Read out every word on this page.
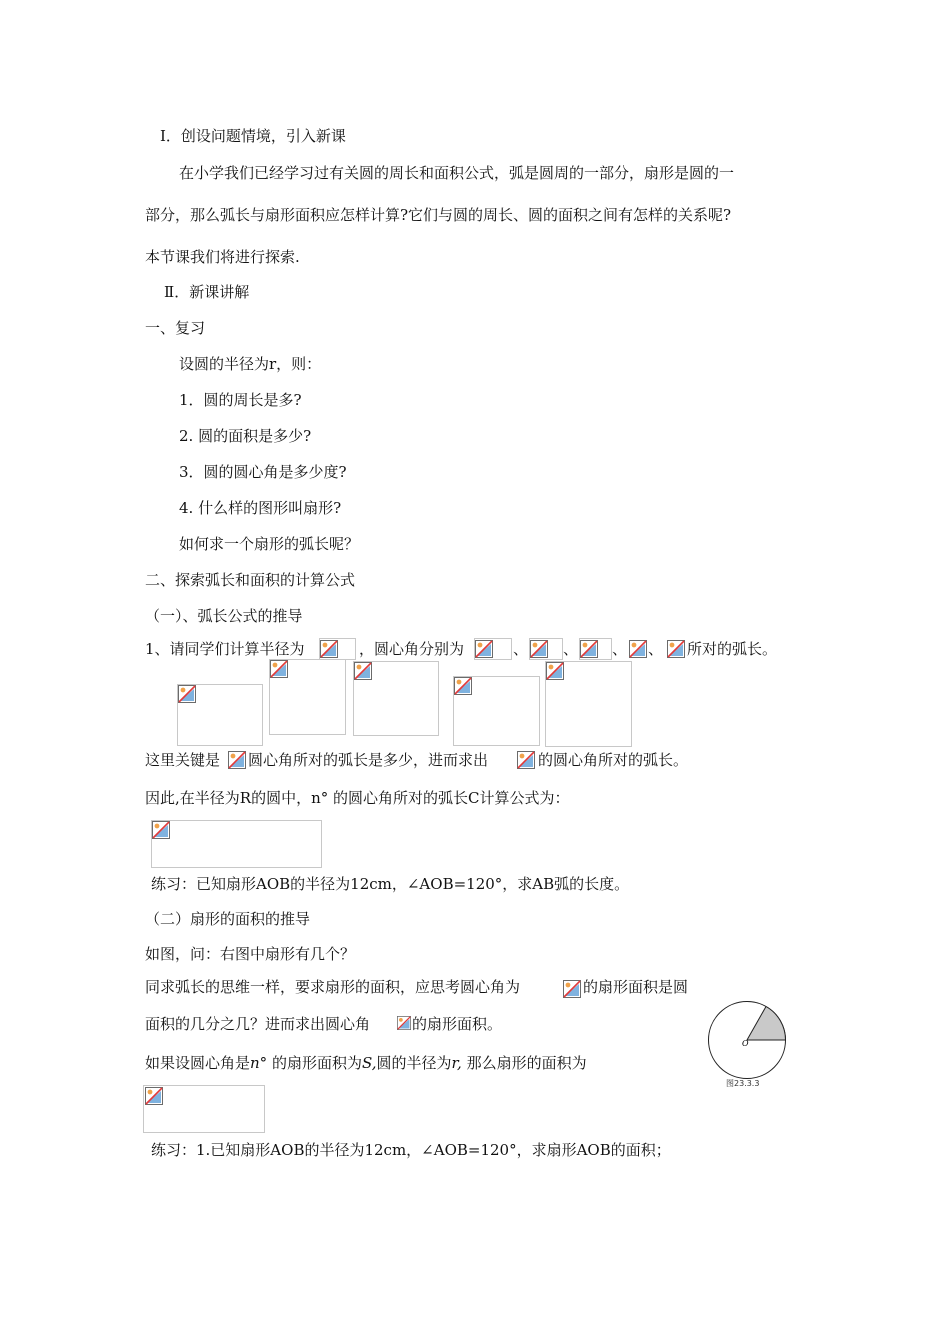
Ⅰ．创设问题情境，引入新课
在小学我们已经学习过有关圆的周长和面积公式，弧是圆周的一部分，扇形是圆的一
部分，那么弧长与扇形面积应怎样计算?它们与圆的周长、圆的面积之间有怎样的关系呢?
本节课我们将进行探索.
Ⅱ．新课讲解
一、复习
设圆的半径为r，则：
1．圆的周长是多?
2. 圆的面积是多少?
3．圆的圆心角是多少度?
4. 什么样的图形叫扇形?
如何求一个扇形的弧长呢？
二、探索弧长和面积的计算公式
（一）、弧长公式的推导
1、请同学们计算半径为	，圆心角分别为	、 、 、 、 所对的弧长。
这里关键是 圆心角所对的弧长是多少，进而求出	的圆心角所对的弧长。
因此,在半径为R的圆中，n° 的圆心角所对的弧长C计算公式为：
练习：已知扇形AOB的半径为12cm，∠AOB=120°，求AB弧的长度。
（二）扇形的面积的推导
如图，问：右图中扇形有几个？
同求弧长的思维一样，要求扇形的面积，应思考圆心角为	的扇形面积是圆
面积的几分之几？进而求出圆心角	的扇形面积。
如果设圆心角是n° 的扇形面积为S,圆的半径为r, 那么扇形的面积为
练习：1.已知扇形AOB的半径为12cm，∠AOB=120°，求扇形AOB的面积；
O
图23.3.3
